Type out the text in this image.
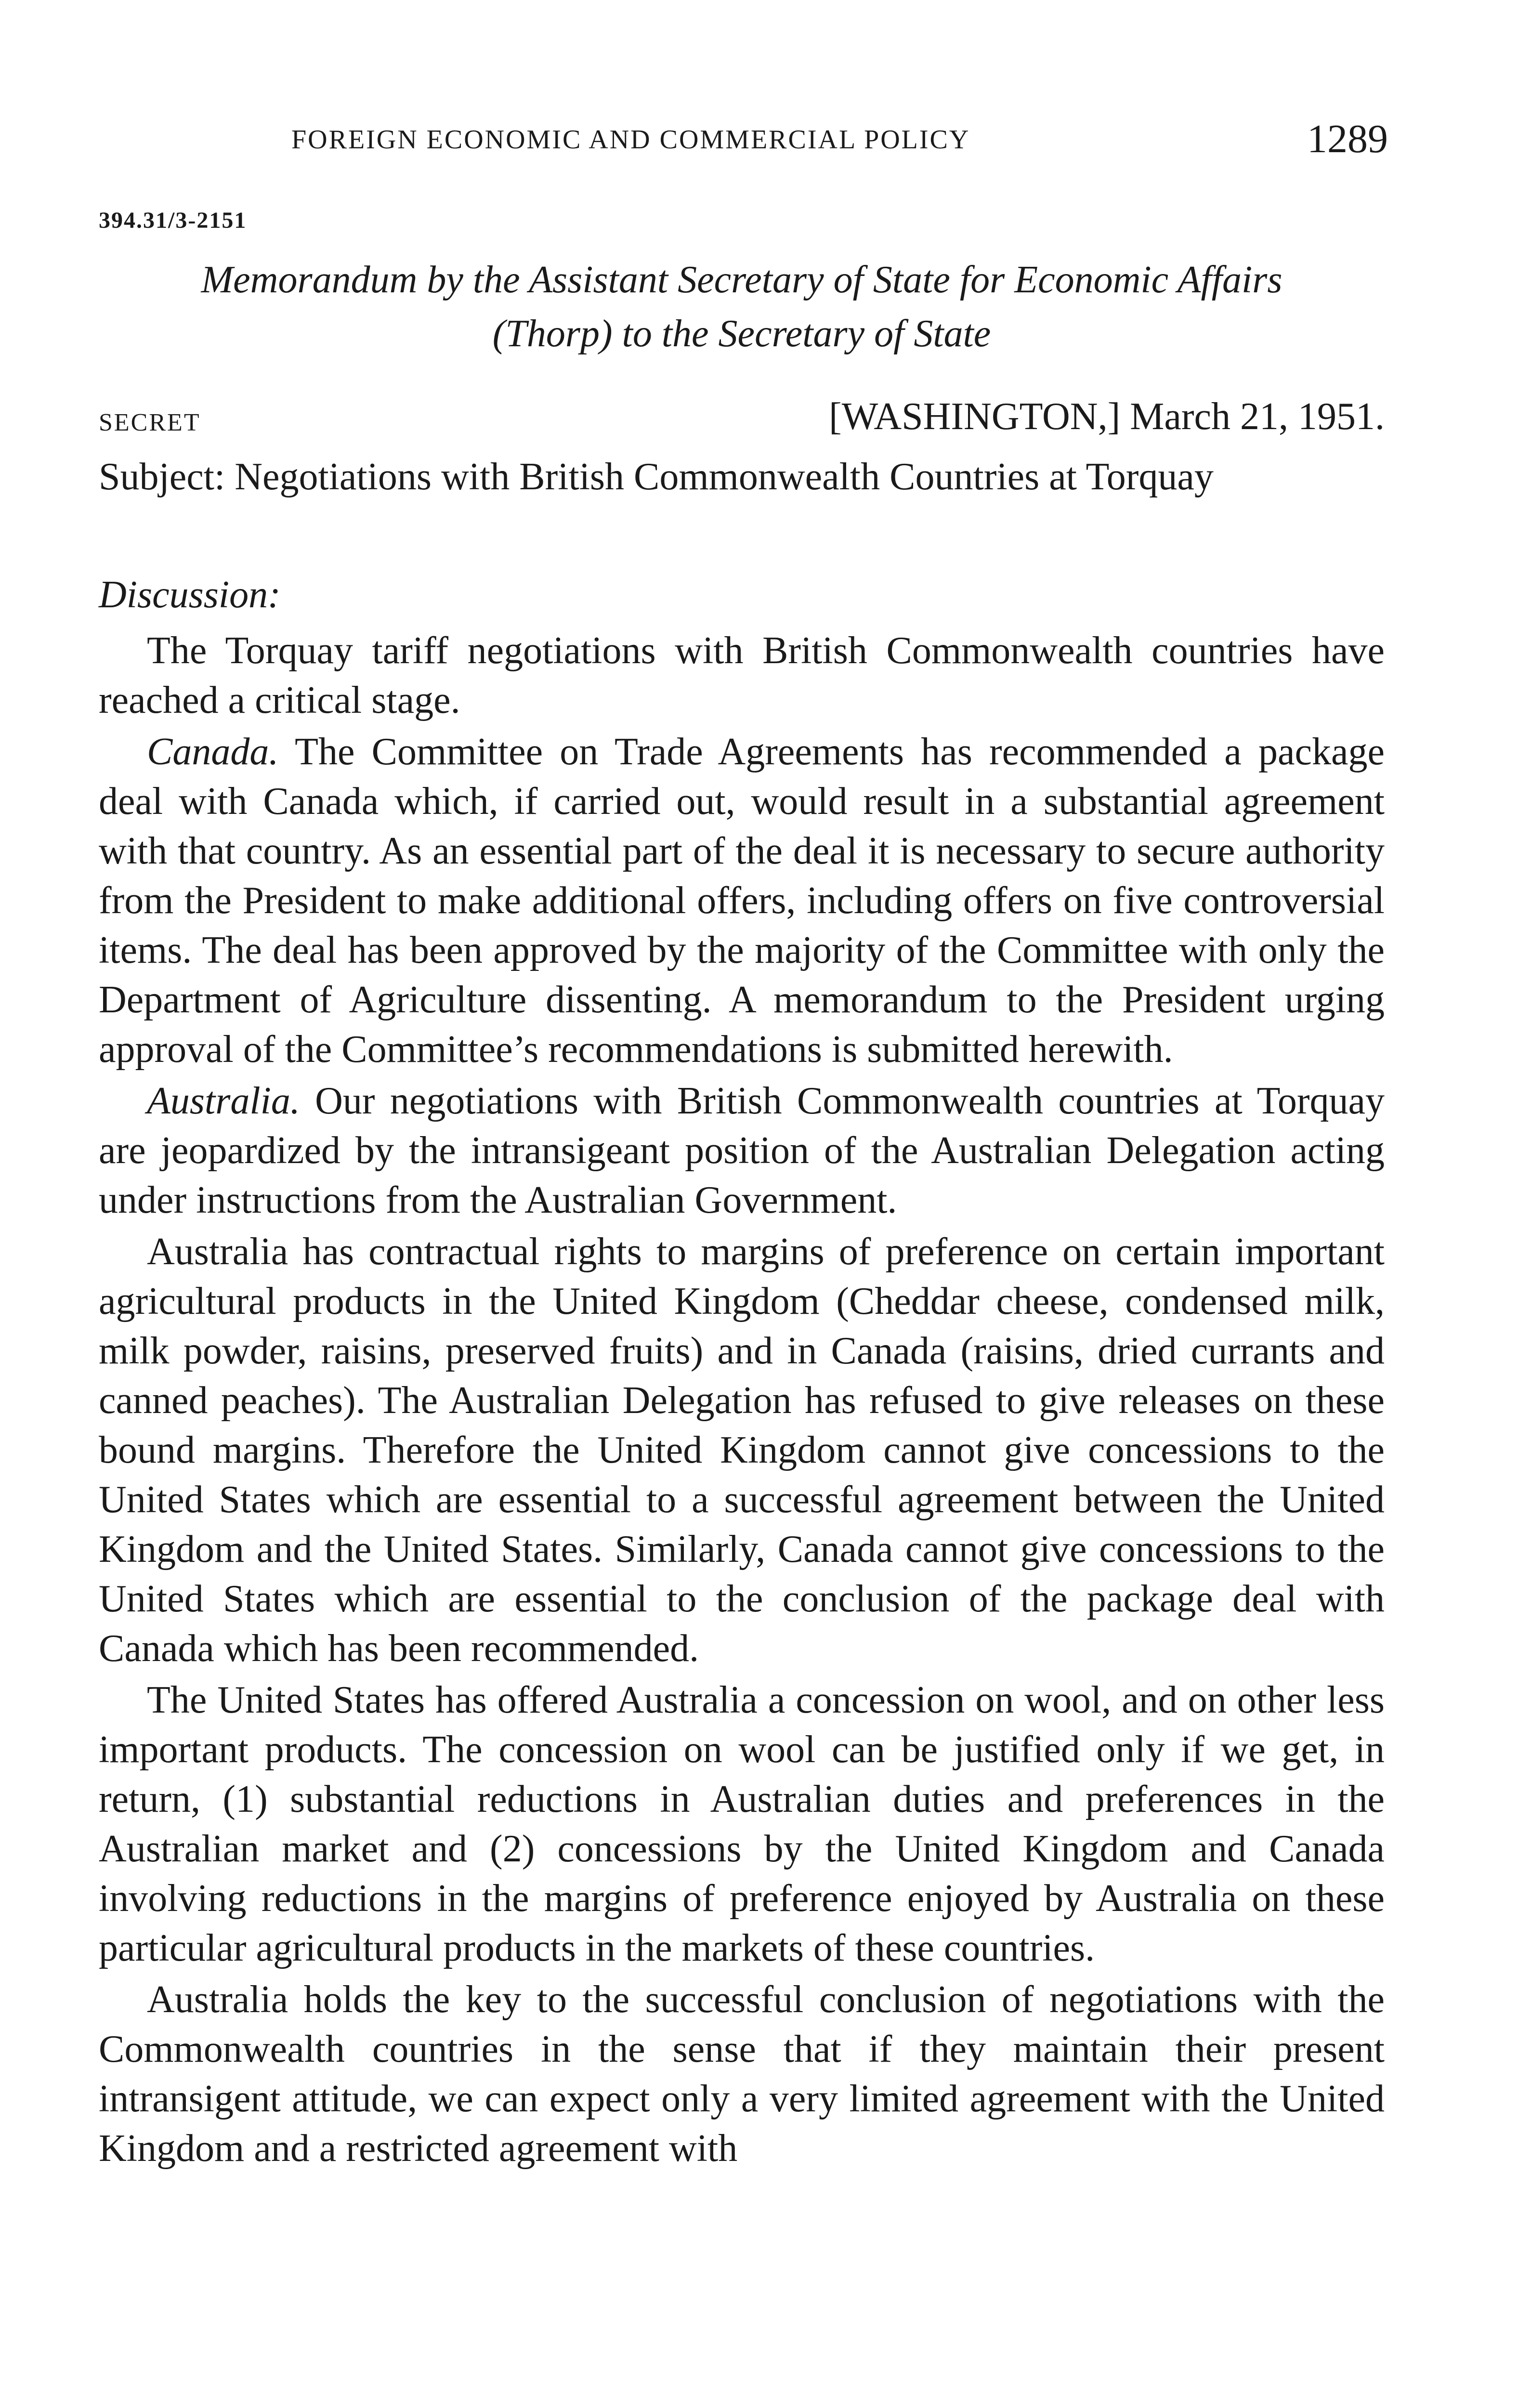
FOREIGN ECONOMIC AND COMMERCIAL POLICY	1289
394.31/3-2151
Memorandum by the Assistant Secretary of State for Economic Affairs
(Thorp) to the Secretary of State
SECRET	[WASHINGTON,] March 21, 1951.
Subject: Negotiations with British Commonwealth Countries at Torquay
Discussion:

The Torquay tariff negotiations with British Commonwealth countries have reached a critical stage.

Canada. The Committee on Trade Agreements has recommended a package deal with Canada which, if carried out, would result in a substantial agreement with that country. As an essential part of the deal it is necessary to secure authority from the President to make additional offers, including offers on five controversial items. The deal has been approved by the majority of the Committee with only the Department of Agriculture dissenting. A memorandum to the President urging approval of the Committee’s recommendations is submitted herewith.

Australia. Our negotiations with British Commonwealth countries at Torquay are jeopardized by the intransigeant position of the Australian Delegation acting under instructions from the Australian Government.

Australia has contractual rights to margins of preference on certain important agricultural products in the United Kingdom (Cheddar cheese, condensed milk, milk powder, raisins, preserved fruits) and in Canada (raisins, dried currants and canned peaches). The Australian Delegation has refused to give releases on these bound margins. Therefore the United Kingdom cannot give concessions to the United States which are essential to a successful agreement between the United Kingdom and the United States. Similarly, Canada cannot give concessions to the United States which are essential to the conclusion of the package deal with Canada which has been recommended.

The United States has offered Australia a concession on wool, and on other less important products. The concession on wool can be justified only if we get, in return, (1) substantial reductions in Australian duties and preferences in the Australian market and (2) concessions by the United Kingdom and Canada involving reductions in the margins of preference enjoyed by Australia on these particular agricultural products in the markets of these countries.

Australia holds the key to the successful conclusion of negotiations with the Commonwealth countries in the sense that if they maintain their present intransigent attitude, we can expect only a very limited agreement with the United Kingdom and a restricted agreement with
